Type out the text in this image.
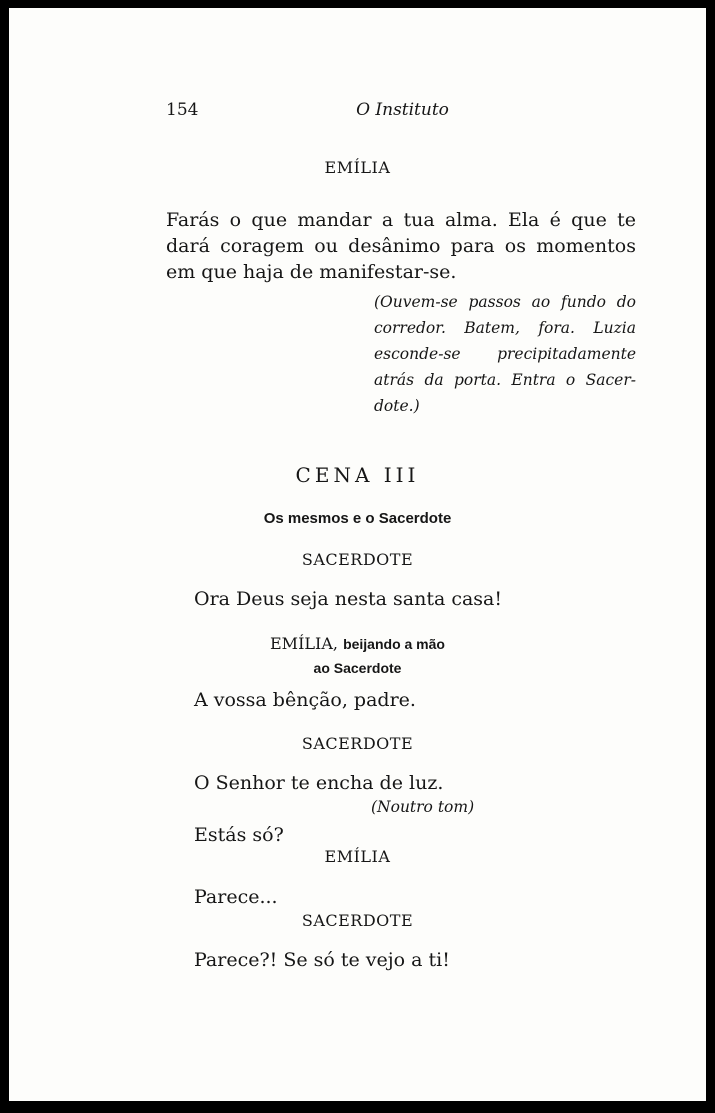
154	O Instituto
EMÍLIA
Farás o que mandar a tua alma. Ela é que te dará coragem ou desânimo para os momentos em que haja de manifestar-se.
(Ouvem-se passos ao fundo do corredor. Batem, fora. Luzia esconde-se precipitadamente atrás da porta. Entra o Sacer-dote.)
CENA III
Os mesmos e o Sacerdote
SACERDOTE
Ora Deus seja nesta santa casa!
EMÍLIA, beijando a mão
ao Sacerdote
A vossa bênção, padre.
SACERDOTE
O Senhor te encha de luz.
(Noutro tom)
Estás só?
EMÍLIA
Parece...
SACERDOTE
Parece?! Se só te vejo a ti!
